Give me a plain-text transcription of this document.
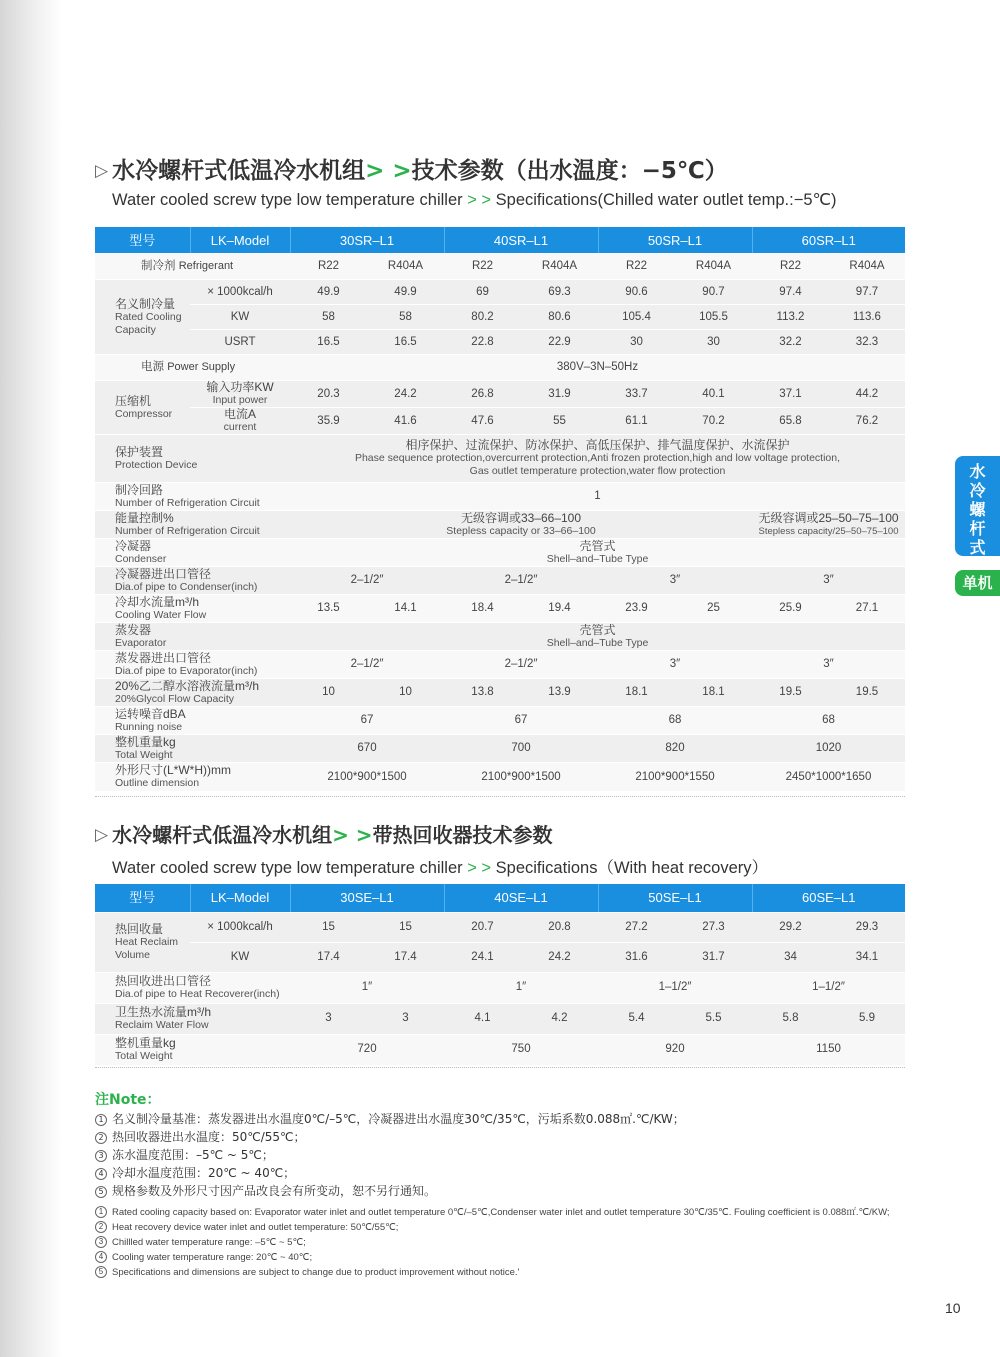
▷ 水冷螺杆式低温冷水机组> >技术参数（出水温度：−5℃）
Water cooled screw type low temperature chiller > > Specifications(Chilled water outlet temp.:−5℃)
型号	LK–Model	30SR–L1		40SR–L1		50SR–L1		60SR–L1	
制冷剂 Refrigerant		R22	R404A	R22	R404A	R22	R404A	R22	R404A

名义制冷量
Rated Cooling Capacity	× 1000kcal/h	49.9	49.9	69	69.3	90.6	90.7	97.4	97.7
	KW	58	58	80.2	80.6	105.4	105.5	113.2	113.6
	USRT	16.5	16.5	22.8	22.9	30	30	32.2	32.3
电源 Power Supply		380V–3N–50Hz							

压缩机
Compressor	输入功率KW
Input power	20.3	24.2	26.8	31.9	33.7	40.1	37.1	44.2

	电流A
current	35.9	41.6	47.6	55	61.1	70.2	65.8	76.2

保护装置
Protection Device		相序保护、过流保护、防冰保护、高低压保护、排气温度保护、水流保护
Phase sequence protection,overcurrent protection,Anti frozen protection,high and low voltage protection,
Gas outlet temperature protection,water flow protection							

制冷回路
Number of Refrigeration Circuit		1							

能量控制%
Number of Refrigeration Circuit		无级容调或33–66–100
Stepless capacity or 33–66–100						无级容调或25–50–75–100
Stepless capacity/25–50–75–100	

冷凝器
Condenser		壳管式
Shell–and–Tube Type							

冷凝器进出口管径
Dia.of pipe to Condenser(inch)		2–1/2″		2–1/2″		3″		3″	

冷却水流量m³/h
Cooling Water Flow		13.5	14.1	18.4	19.4	23.9	25	25.9	27.1

蒸发器
Evaporator		壳管式
Shell–and–Tube Type							

蒸发器进出口管径
Dia.of pipe to Evaporator(inch)		2–1/2″		2–1/2″		3″		3″	

20%乙二醇水溶液流量m³/h
20%Glycol Flow Capacity		10	10	13.8	13.9	18.1	18.1	19.5	19.5

运转噪音dBA
Running noise		67		67		68		68	

整机重量kg
Total Weight		670		700		820		1020	

外形尺寸(L*W*H))mm
Outline dimension		2100*900*1500		2100*900*1500		2100*900*1550		2450*1000*1650	
▷ 水冷螺杆式低温冷水机组> >带热回收器技术参数
Water cooled screw type low temperature chiller > > Specifications（With heat recovery）
型号	LK–Model	30SE–L1		40SE–L1		50SE–L1		60SE–L1	

热回收量
Heat Reclaim Volume	× 1000kcal/h	15	15	20.7	20.8	27.2	27.3	29.2	29.3
	KW	17.4	17.4	24.1	24.2	31.6	31.7	34	34.1

热回收进出口管径
Dia.of pipe to Heat Recoverer(inch)		1″		1″		1–1/2″		1–1/2″	

卫生热水流量m³/h
Reclaim Water Flow		3	3	4.1	4.2	5.4	5.5	5.8	5.9

整机重量kg
Total Weight		720		750		920		1150	
注Note：
1 名义制冷量基准：蒸发器进出水温度0℃/–5℃，冷凝器进出水温度30℃/35℃，污垢系数0.088㎡.℃/KW；
2 热回收器进出水温度：50℃/55℃；
3 冻水温度范围：–5℃ ~ 5℃；
4 冷却水温度范围：20℃ ~ 40℃；
5 规格参数及外形尺寸因产品改良会有所变动，恕不另行通知。
1 Rated cooling capacity based on: Evaporator water inlet and outlet temperature 0℃/–5℃,Condenser water inlet and outlet temperature 30℃/35℃. Fouling coefficient is 0.088㎡.℃/KW;
2 Heat recovery device water inlet and outlet temperature: 50℃/55℃;
3 Chillled water temperature range: –5℃ ~ 5℃;
4 Cooling water temperature range: 20℃ ~ 40℃;
5 Specifications and dimensions are subject to change due to product improvement without notice.'
水冷螺杆式
单机
10
